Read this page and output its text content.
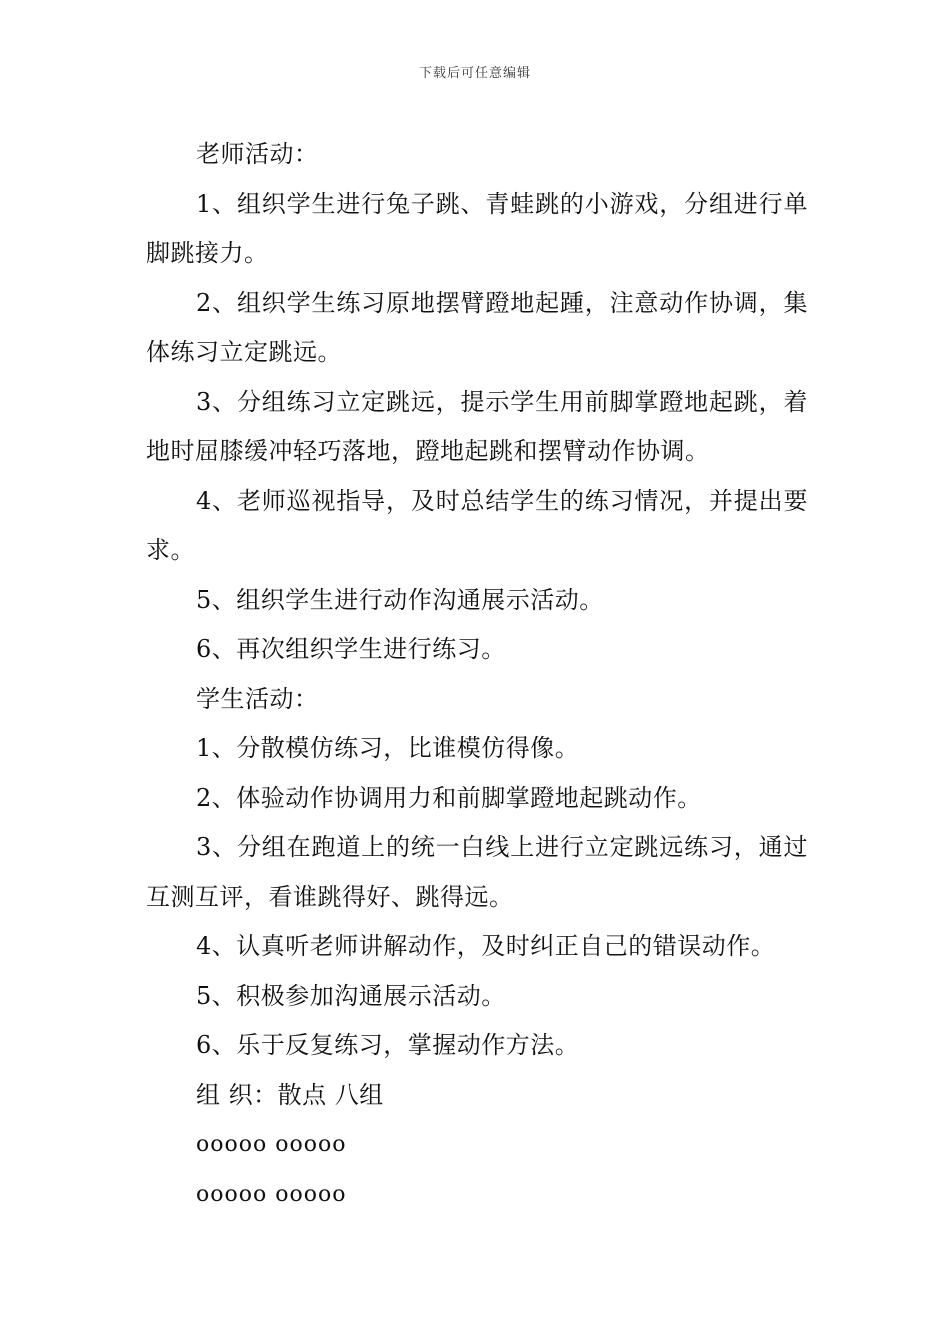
下载后可任意编辑

老师活动：

1、组织学生进行兔子跳、青蛙跳的小游戏，分组进行单脚跳接力。

2、组织学生练习原地摆臂蹬地起踵，注意动作协调，集体练习立定跳远。

3、分组练习立定跳远，提示学生用前脚掌蹬地起跳，着地时屈膝缓冲轻巧落地，蹬地起跳和摆臂动作协调。

4、老师巡视指导，及时总结学生的练习情况，并提出要求。

5、组织学生进行动作沟通展示活动。

6、再次组织学生进行练习。

学生活动：

1、分散模仿练习，比谁模仿得像。

2、体验动作协调用力和前脚掌蹬地起跳动作。

3、分组在跑道上的统一白线上进行立定跳远练习，通过互测互评，看谁跳得好、跳得远。

4、认真听老师讲解动作，及时纠正自己的错误动作。

5、积极参加沟通展示活动。

6、乐于反复练习，掌握动作方法。

组 织：散点 八组

ooooo ooooo

ooooo ooooo
